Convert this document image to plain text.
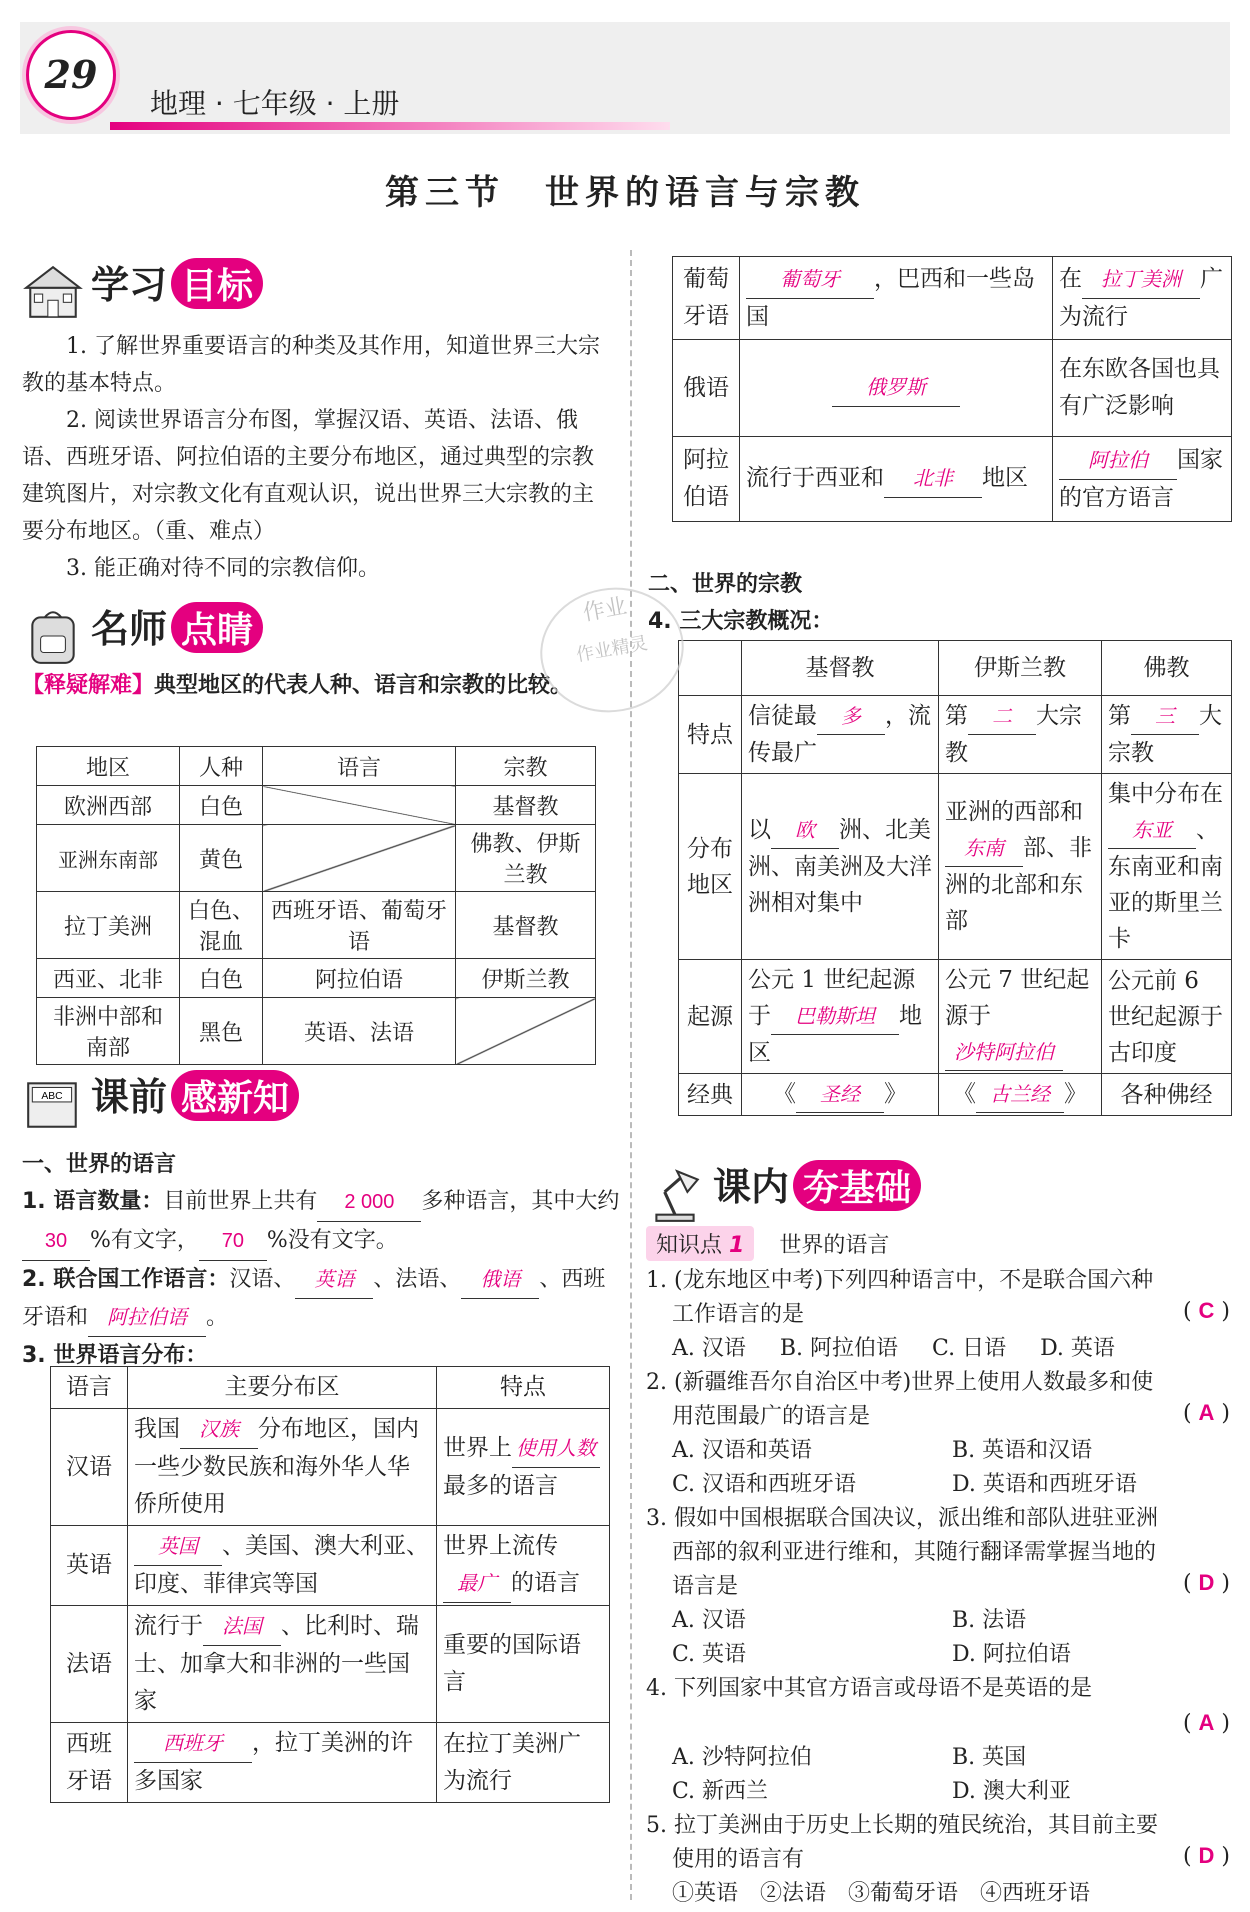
29
地理 · 七年级 · 上册
第三节　世界的语言与宗教
学习 目标

1. 了解世界重要语言的种类及其作用，知道世界三大宗教的基本特点。

2. 阅读世界语言分布图，掌握汉语、英语、法语、俄语、西班牙语、阿拉伯语的主要分布地区，通过典型的宗教建筑图片，对宗教文化有直观认识，说出世界三大宗教的主要分布地区。（重、难点）

3. 能正确对待不同的宗教信仰。

名师 点睛
【释疑解难】典型地区的代表人种、语言和宗教的比较。
地区	人种	语言	宗教
欧洲西部	白色		基督教
亚洲东南部	黄色		佛教、伊斯兰教
拉丁美洲	白色、混血	西班牙语、葡萄牙语	基督教
西亚、北非	白色	阿拉伯语	伊斯兰教
非洲中部和南部	黑色	英语、法语	
ABC 课前 感新知

一、世界的语言

1. 语言数量：目前世界上共有 2 000 多种语言，其中大约30 %有文字， 70 %没有文字。

2. 联合国工作语言：汉语、 英语 、法语、 俄语 、西班牙语和 阿拉伯语 。

3. 世界语言分布：

语言	主要分布区	特点
汉语	我国 汉族 分布地区，国内一些少数民族和海外华人华侨所使用	世界上 使用人数最多的语言
英语	英国 、美国、澳大利亚、印度、菲律宾等国	世界上流传最广 的语言
法语	流行于 法国 、比利时、瑞士、加拿大和非洲的一些国家	重要的国际语言
西班牙语	西班牙 ，拉丁美洲的许多国家	在拉丁美洲广为流行
葡萄牙语	葡萄牙 ，巴西和一些岛国	在 拉丁美洲 广为流行
俄语	俄罗斯	在东欧各国也具有广泛影响
阿拉伯语	流行于西亚和 北非 地区	阿拉伯 国家的官方语言

二、世界的宗教

4. 三大宗教概况：

	基督教	伊斯兰教	佛教
特点	信徒最 多 ，流传最广	第 二 大宗教	第 三 大宗教
分布地区	以 欧 洲、北美洲、南美洲及大洋洲相对集中	亚洲的西部和东南 部、非洲的北部和东部	集中分布在东亚 、东南亚和南亚的斯里兰卡
起源	公元 1 世纪起源于 巴勒斯坦 地区	公元 7 世纪起源于沙特阿拉伯	公元前 6 世纪起源于古印度
经典	《 圣经 》	《 古兰经 》	各种佛经
课内 夯基础
知识点 1 世界的语言

1. (龙东地区中考)下列四种语言中，不是联合国六种工作语言的是	( C )

A. 汉语 B. 阿拉伯语 C. 日语 D. 英语

2. (新疆维吾尔自治区中考)世界上使用人数最多和使用范围最广的语言是	( A )

A. 汉语和英语	B. 英语和汉语
C. 汉语和西班牙语	D. 英语和西班牙语

3. 假如中国根据联合国决议，派出维和部队进驻亚洲西部的叙利亚进行维和，其随行翻译需掌握当地的语言是	( D )

A. 汉语	B. 法语
C. 英语	D. 阿拉伯语

4. 下列国家中其官方语言或母语不是英语的是

( A )

A. 沙特阿拉伯	B. 英国
C. 新西兰	D. 澳大利亚

5. 拉丁美洲由于历史上长期的殖民统治，其目前主要使用的语言有	( D )

①英语　②法语　③葡萄牙语　④西班牙语

作业
作业精灵
